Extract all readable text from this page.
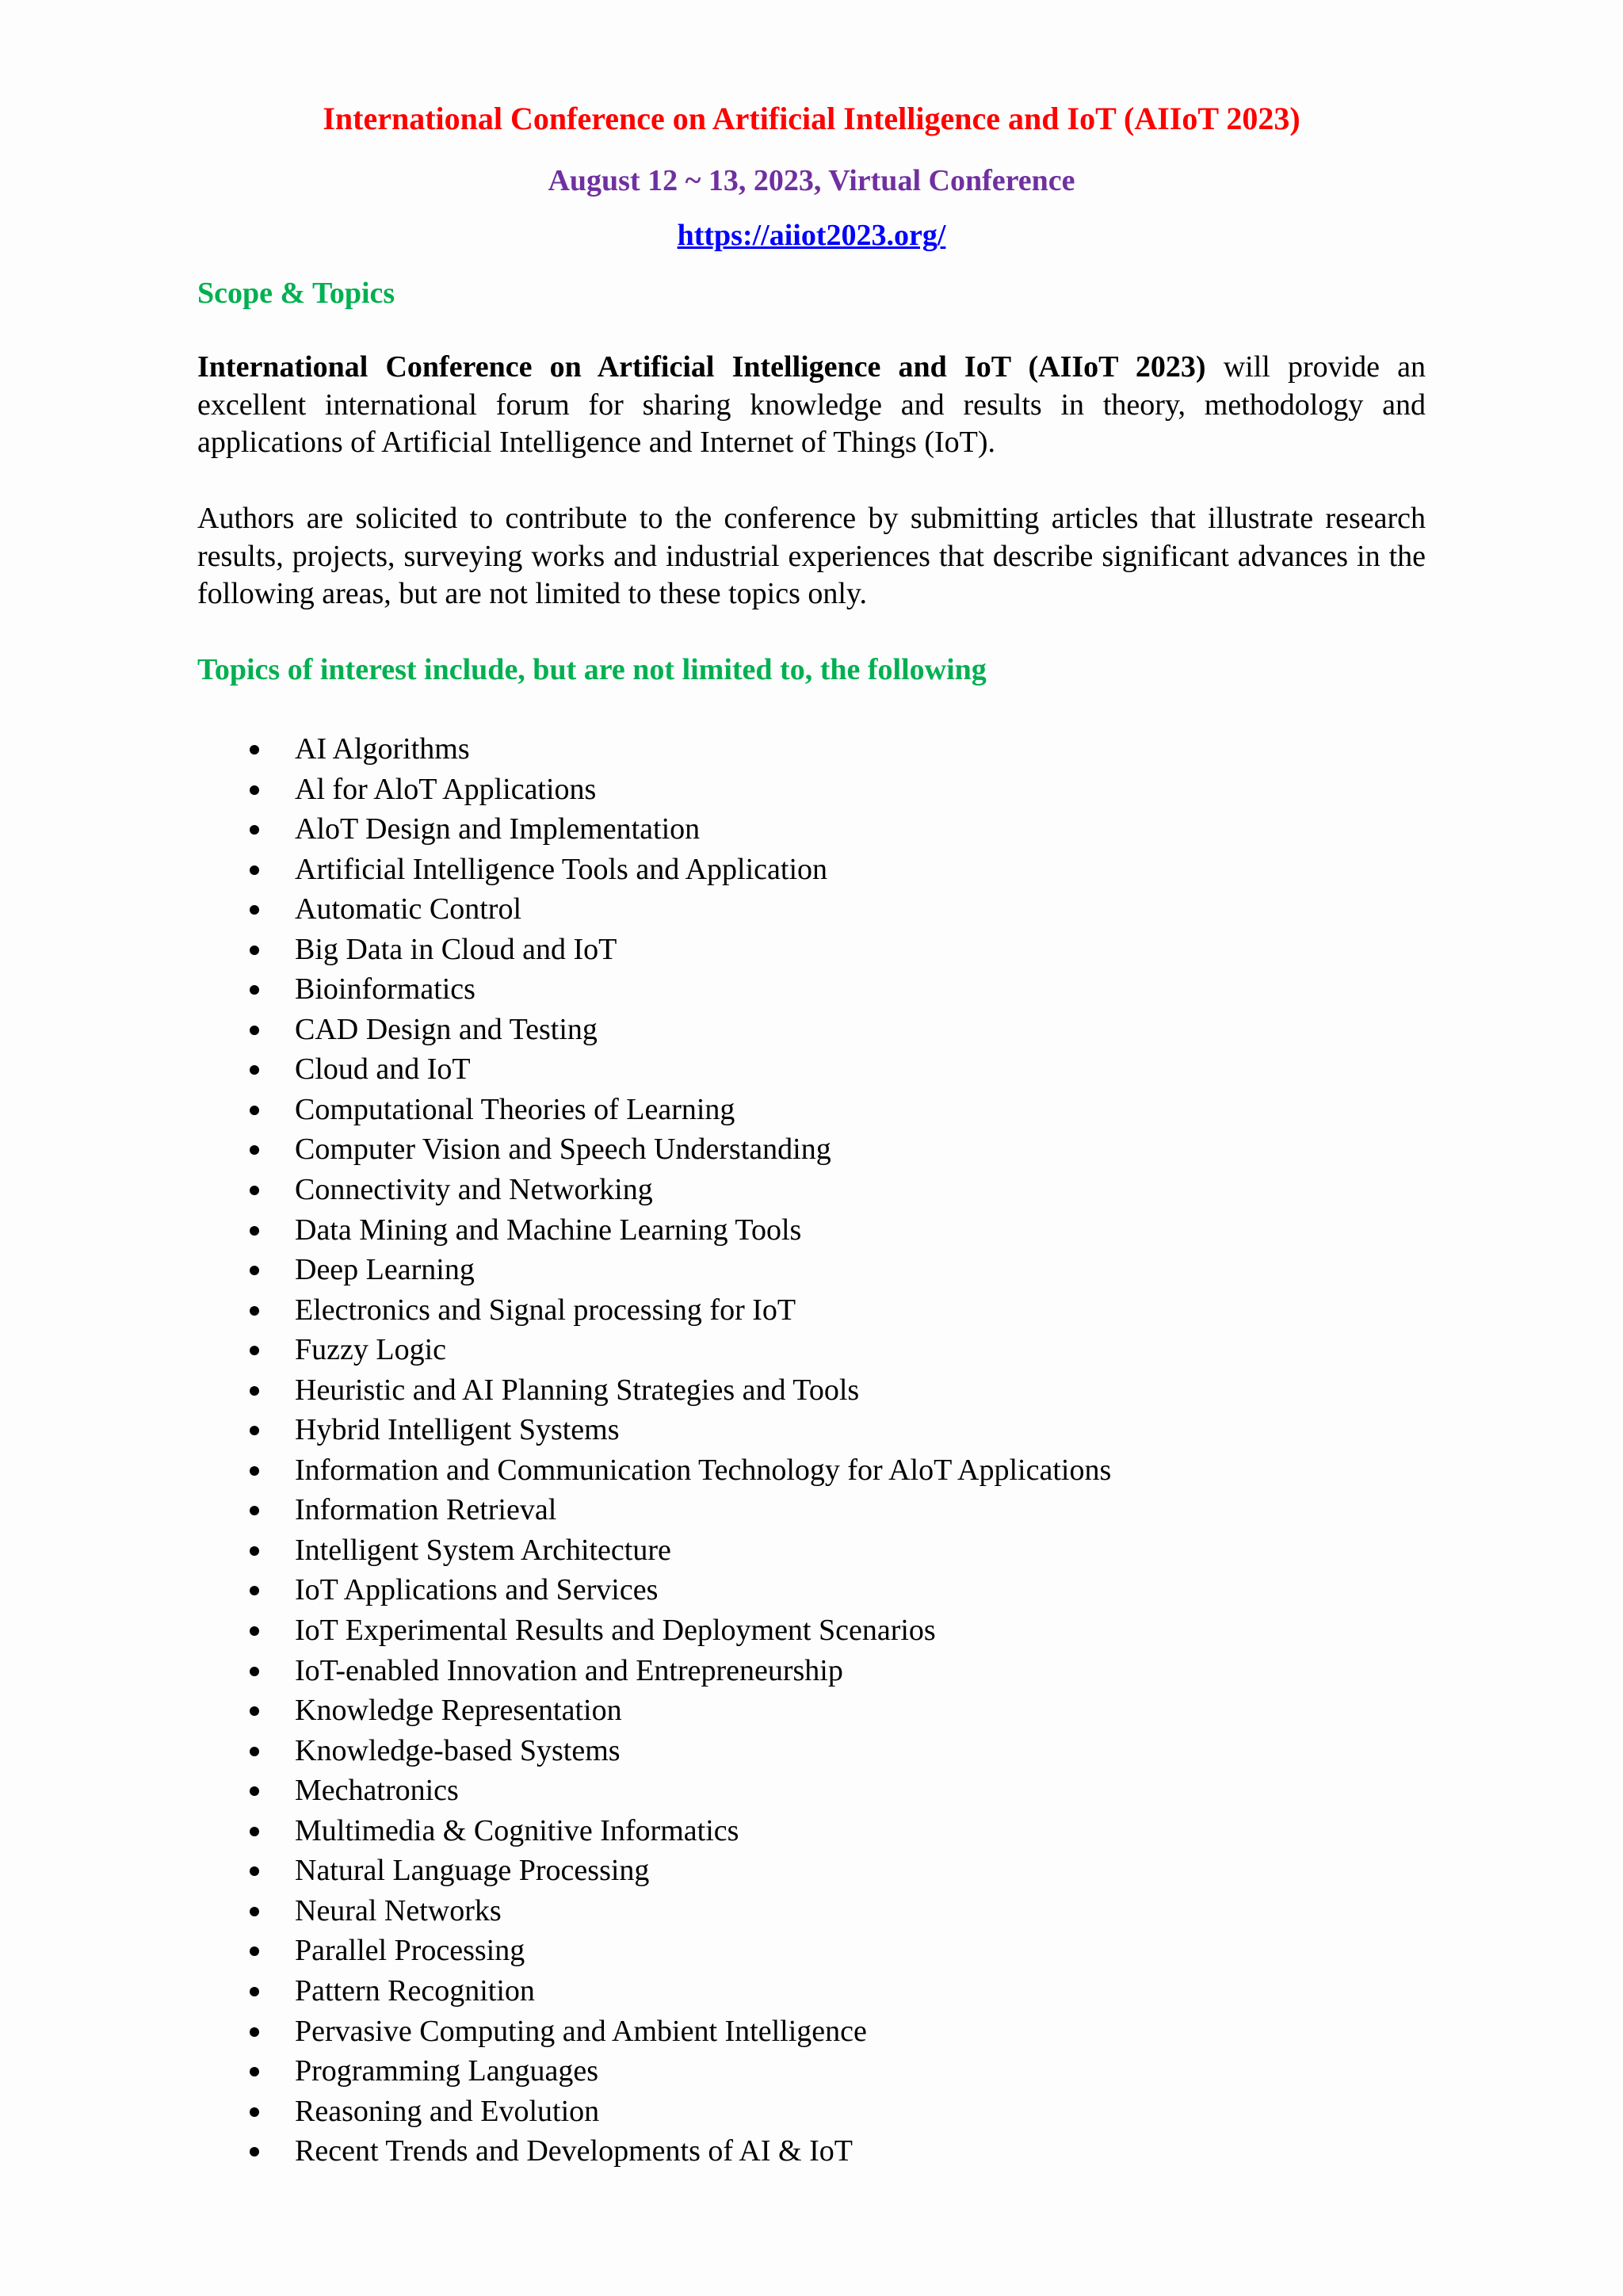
International Conference on Artificial Intelligence and IoT (AIIoT 2023)
August 12 ~ 13, 2023, Virtual Conference
https://aiiot2023.org/
Scope & Topics

International Conference on Artificial Intelligence and IoT (AIIoT 2023) will provide an excellent international forum for sharing knowledge and results in theory, methodology and applications of Artificial Intelligence and Internet of Things (IoT).

Authors are solicited to contribute to the conference by submitting articles that illustrate research results, projects, surveying works and industrial experiences that describe significant advances in the following areas, but are not limited to these topics only.

Topics of interest include, but are not limited to, the following
AI Algorithms
Al for AloT Applications
AloT Design and Implementation
Artificial Intelligence Tools and Application
Automatic Control
Big Data in Cloud and IoT
Bioinformatics
CAD Design and Testing
Cloud and IoT
Computational Theories of Learning
Computer Vision and Speech Understanding
Connectivity and Networking
Data Mining and Machine Learning Tools
Deep Learning
Electronics and Signal processing for IoT
Fuzzy Logic
Heuristic and AI Planning Strategies and Tools
Hybrid Intelligent Systems
Information and Communication Technology for AloT Applications
Information Retrieval
Intelligent System Architecture
IoT Applications and Services
IoT Experimental Results and Deployment Scenarios
IoT-enabled Innovation and Entrepreneurship
Knowledge Representation
Knowledge-based Systems
Mechatronics
Multimedia & Cognitive Informatics
Natural Language Processing
Neural Networks
Parallel Processing
Pattern Recognition
Pervasive Computing and Ambient Intelligence
Programming Languages
Reasoning and Evolution
Recent Trends and Developments of AI & IoT
